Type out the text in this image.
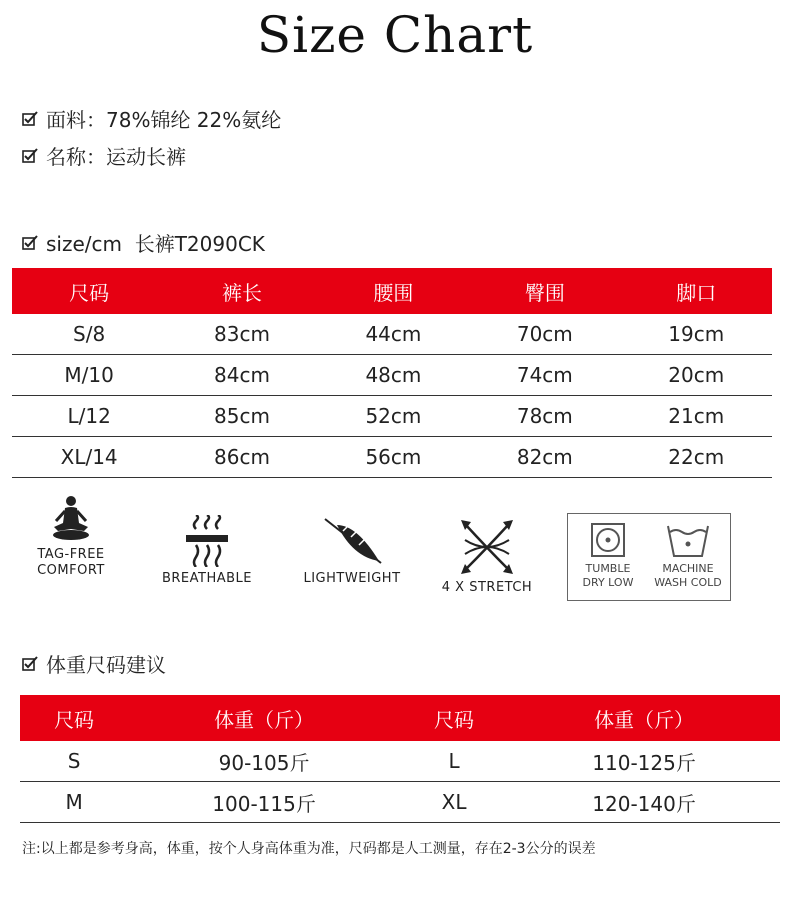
Size Chart
面料：78%锦纶 22%氨纶
名称：运动长裤
size/cm  长裤T2090CK
尺码	裤长	腰围	臀围	脚口
S/8	83cm	44cm	70cm	19cm
M/10	84cm	48cm	74cm	20cm
L/12	85cm	52cm	78cm	21cm
XL/14	86cm	56cm	82cm	22cm
TAG-FREE
COMFORT
BREATHABLE	LIGHTWEIGHT
4 X STRETCH
TUMBLE
DRY LOW
MACHINE
WASH COLD
体重尺码建议
尺码	体重（斤）	尺码	体重（斤）
S	90-105斤	L	110-125斤
M	100-115斤	XL	120-140斤
注:以上都是参考身高，体重，按个人身高体重为准，尺码都是人工测量，存在2-3公分的误差
